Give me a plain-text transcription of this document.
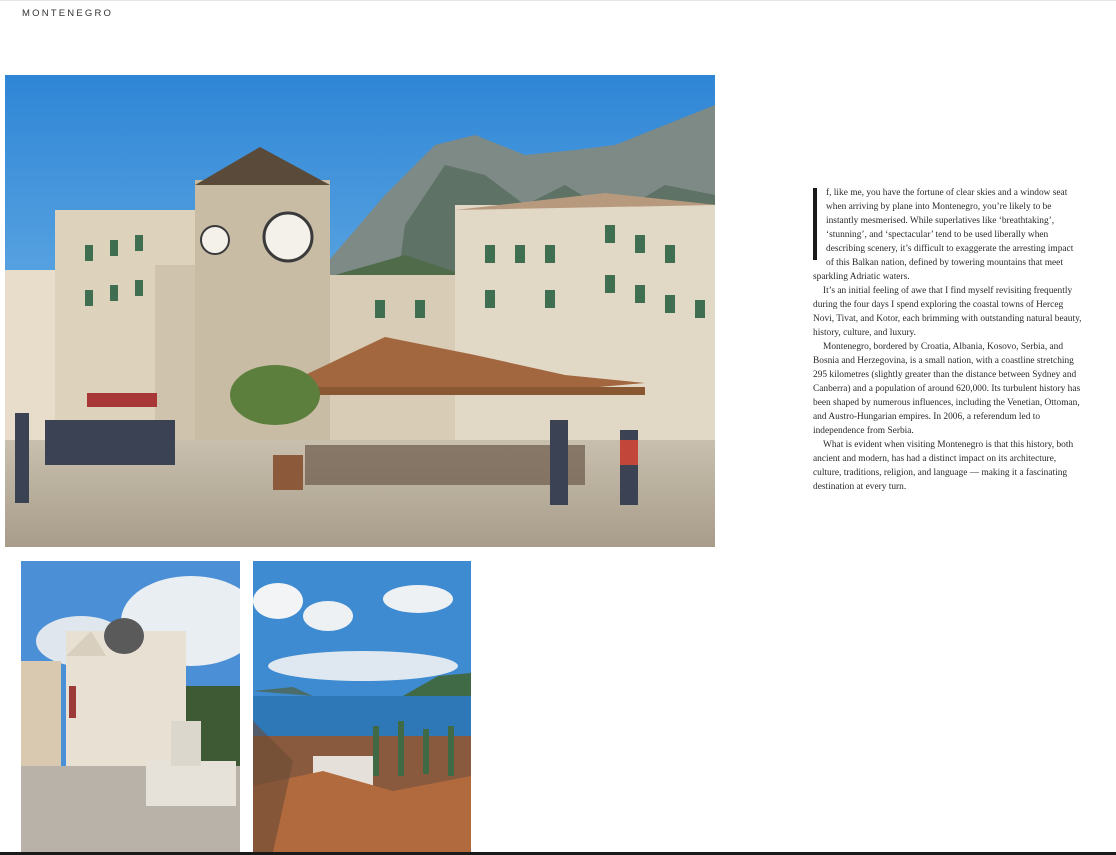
MONTENEGRO

f, like me, you have the fortune of clear skies and a window seat when arriving by plane into Montenegro, you’re likely to be instantly mesmerised. While superlatives like ‘breathtaking’, ‘stunning’, and ‘spectacular’ tend to be used liberally when describing scenery, it’s difficult to exaggerate the arresting impact of this Balkan nation, defined by towering mountains that meet sparkling Adriatic waters.

It’s an initial feeling of awe that I find myself revisiting frequently during the four days I spend exploring the coastal towns of Herceg Novi, Tivat, and Kotor, each brimming with outstanding natural beauty, history, culture, and luxury.

Montenegro, bordered by Croatia, Albania, Kosovo, Serbia, and Bosnia and Herzegovina, is a small nation, with a coastline stretching 295 kilometres (slightly greater than the distance between Sydney and Canberra) and a population of around 620,000. Its turbulent history has been shaped by numerous influences, including the Venetian, Ottoman, and Austro-Hungarian empires. In 2006, a referendum led to independence from Serbia.

What is evident when visiting Montenegro is that this history, both ancient and modern, has had a distinct impact on its architecture, culture, traditions, religion, and language — making it a fascinating destination at every turn.
